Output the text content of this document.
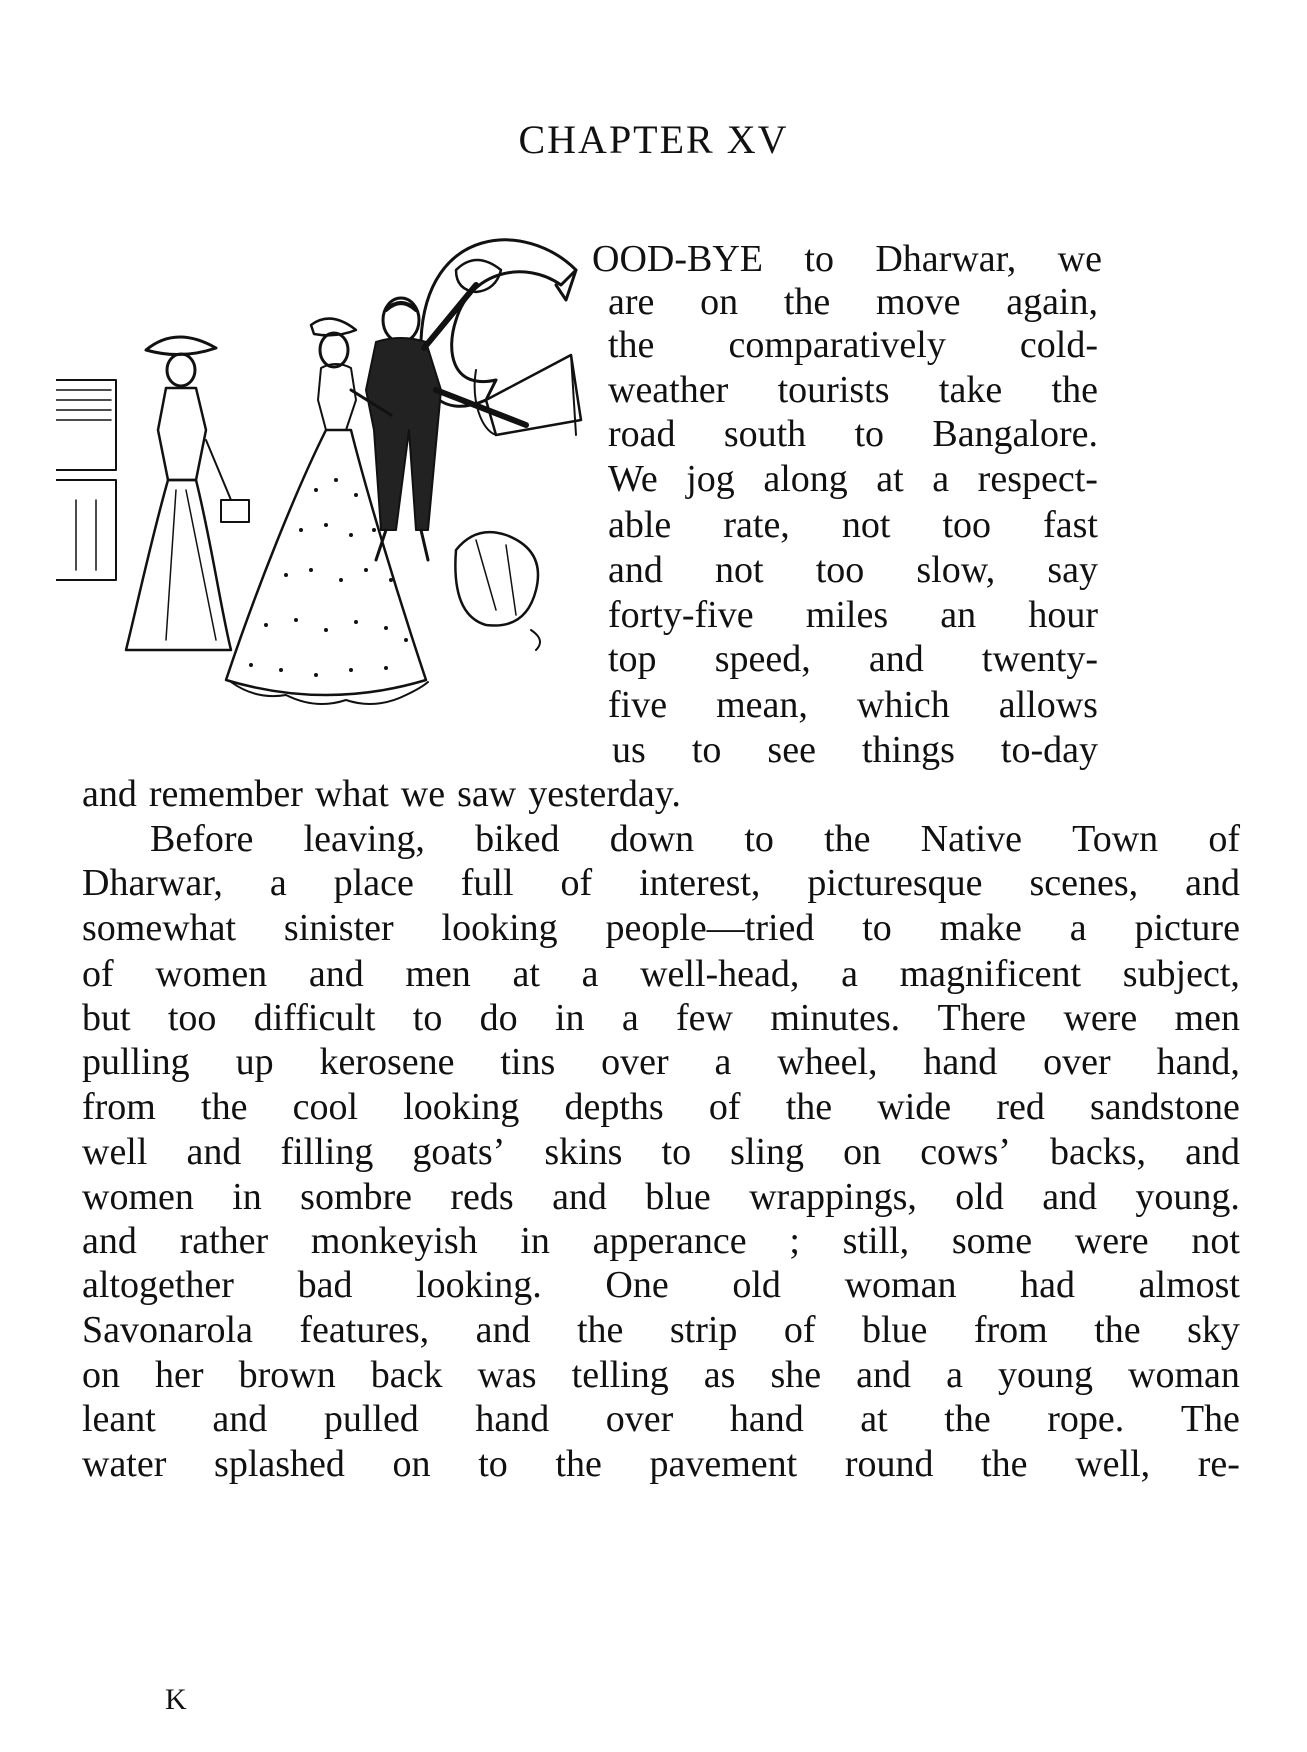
CHAPTER XV
OOD-BYE to Dharwar, we
are on the move again,
the comparatively cold-
weather tourists take the
road south to Bangalore.
We jog along at a respect-
able rate, not too fast
and not too slow, say
forty-five miles an hour
top speed, and twenty-
five mean, which allows
us to see things to-day
and remember what we saw yesterday.
Before leaving, biked down to the Native Town of
Dharwar, a place full of interest, picturesque scenes, and
somewhat sinister looking people—tried to make a picture
of women and men at a well-head, a magnificent subject,
but too difficult to do in a few minutes. There were men
pulling up kerosene tins over a wheel, hand over hand,
from the cool looking depths of the wide red sandstone
well and filling goats’ skins to sling on cows’ backs, and
women in sombre reds and blue wrappings, old and young.
and rather monkeyish in apperance ; still, some were not
altogether bad looking. One old woman had almost
Savonarola features, and the strip of blue from the sky
on her brown back was telling as she and a young woman
leant and pulled hand over hand at the rope. The
water splashed on to the pavement round the well, re-
K
